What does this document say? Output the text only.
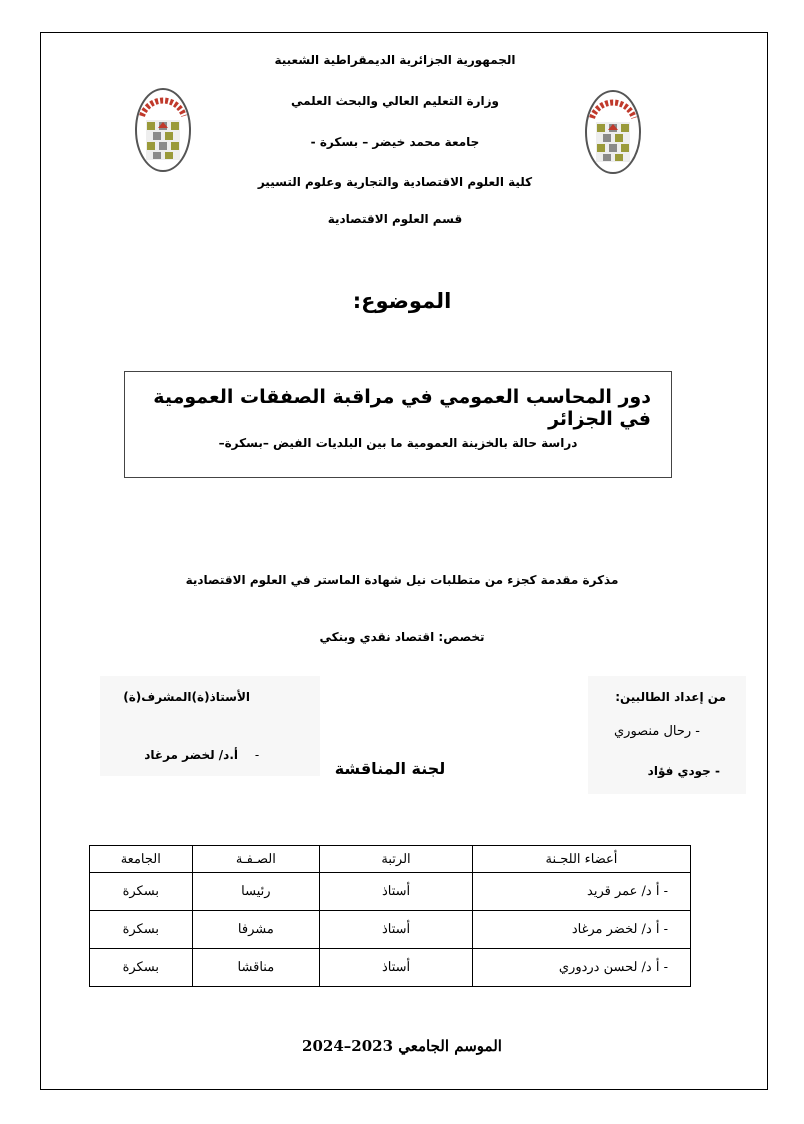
الجمهورية الجزائرية الديمقراطية الشعبية
وزارة التعليم العالي والبحث العلمي
جامعة محمد خيضر – بسكرة -
كلية العلوم الاقتصادية والتجارية وعلوم التسيير
قسم العلوم الاقتصادية
الموضوع:
دور المحاسب العمومي في مراقبة الصفقات العمومية في الجزائر
دراسة حالة بالخزينة العمومية ما بين البلديات الفيض –بسكرة–
مذكرة مقدمة كجزء من متطلبات نيل شهادة الماستر في العلوم الاقتصادية
تخصص: اقتصاد نقدي وبنكي
من إعداد الطالبين:
- رحال منصوري
- جودي فؤاد
الأستاذ(ة)المشرف(ة)
-
أ.د/ لخضر مرغاد
لجنة المناقشة
أعضاء اللجـنة	الرتبة	الصـفـة	الجامعة
- أ د/ عمر قريد	أستاذ	رئيسا	بسكرة
- أ د/ لخضر مرغاد	أستاذ	مشرفا	بسكرة
- أ د/ لحسن دردوري	أستاذ	مناقشا	بسكرة
الموسم الجامعي 2023–2024
